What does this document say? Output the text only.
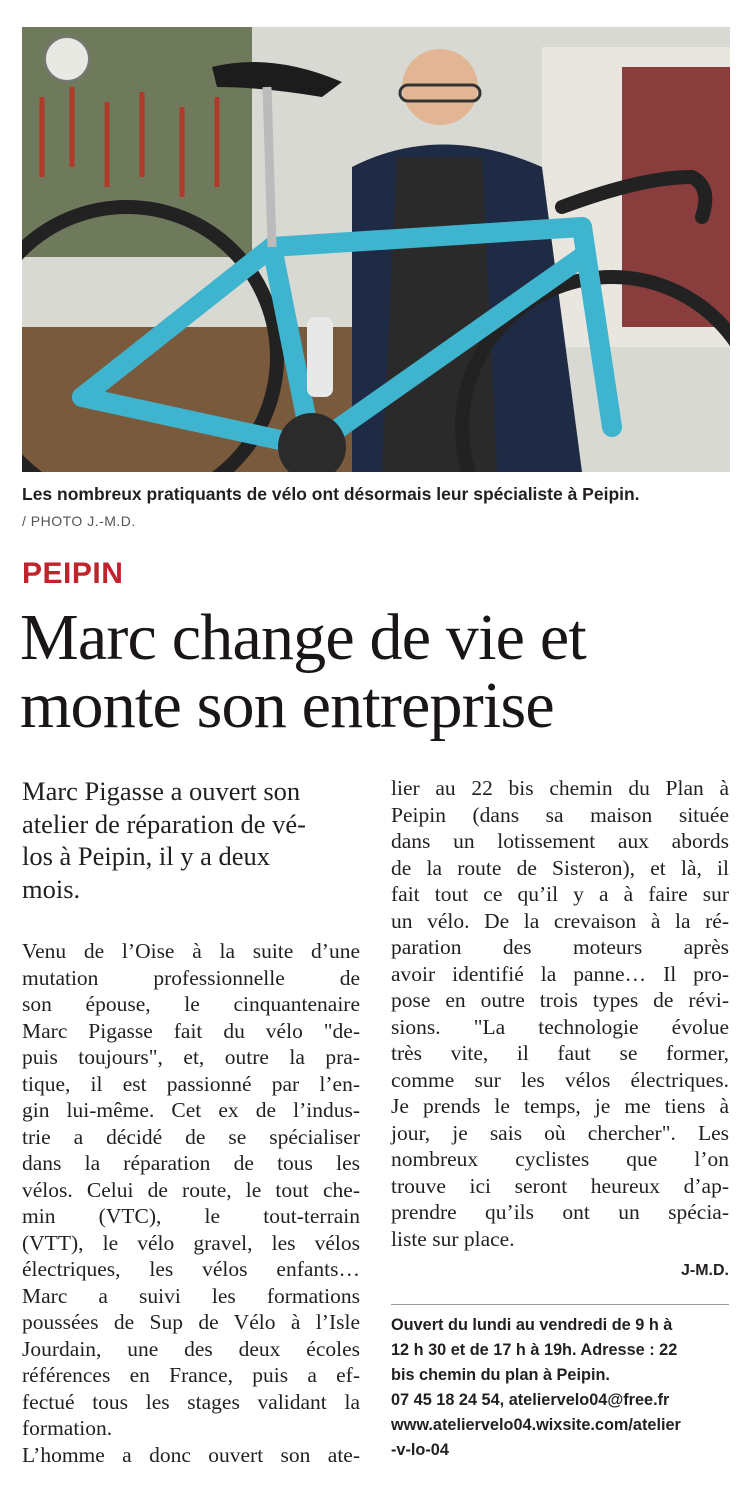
Les nombreux pratiquants de vélo ont désormais leur spécialiste à Peipin.
/ PHOTO J.-M.D.
PEIPIN
Marc change de vie et
monte son entreprise
Marc Pigasse a ouvert son
atelier de réparation de vé-
los à Peipin, il y a deux
mois.
Venu de l’Oise à la suite d’une
mutation professionnelle de
son épouse, le cinquantenaire
Marc Pigasse fait du vélo "de-
puis toujours", et, outre la pra-
tique, il est passionné par l’en-
gin lui-même. Cet ex de l’indus-
trie a décidé de se spécialiser
dans la réparation de tous les
vélos. Celui de route, le tout che-
min (VTC), le tout-terrain
(VTT), le vélo gravel, les vélos
électriques, les vélos enfants…
Marc a suivi les formations
poussées de Sup de Vélo à l’Isle
Jourdain, une des deux écoles
références en France, puis a ef-
fectué tous les stages validant la
formation.
L’homme a donc ouvert son ate-
lier au 22 bis chemin du Plan à
Peipin (dans sa maison située
dans un lotissement aux abords
de la route de Sisteron), et là, il
fait tout ce qu’il y a à faire sur
un vélo. De la crevaison à la ré-
paration des moteurs après
avoir identifié la panne… Il pro-
pose en outre trois types de révi-
sions. "La technologie évolue
très vite, il faut se former,
comme sur les vélos électriques.
Je prends le temps, je me tiens à
jour, je sais où chercher". Les
nombreux cyclistes que l’on
trouve ici seront heureux d’ap-
prendre qu’ils ont un spécia-
liste sur place.
J-M.D.
Ouvert du lundi au vendredi de 9 h à
12 h 30 et de 17 h à 19h. Adresse : 22
bis chemin du plan à Peipin.
07 45 18 24 54, ateliervelo04@free.fr
www.ateliervelo04.wixsite.com/atelier
-v-lo-04
